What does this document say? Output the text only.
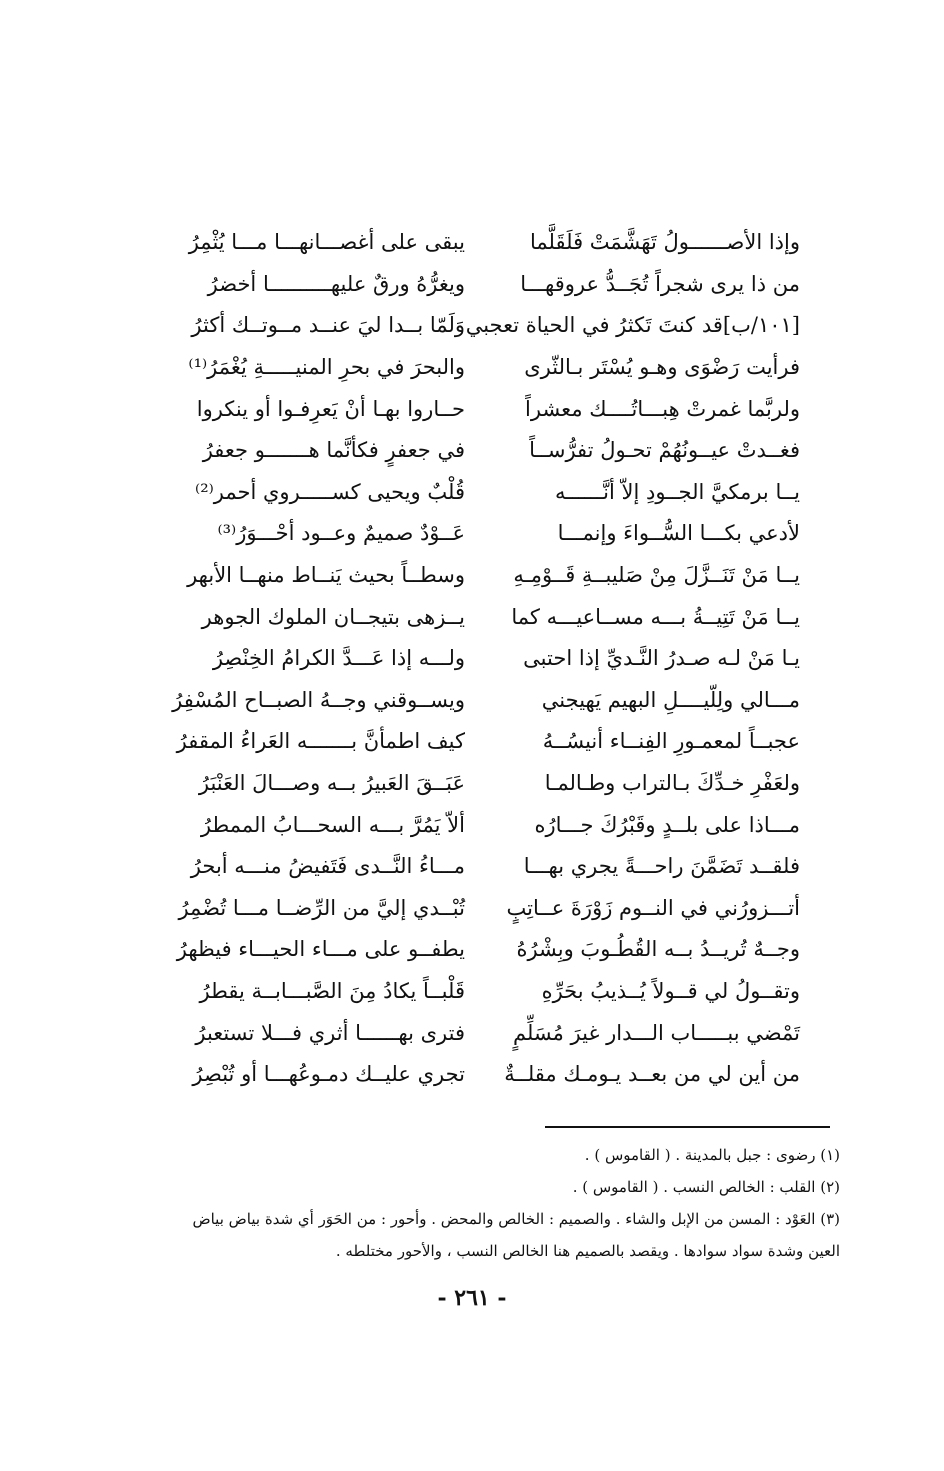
وإذا الأصــــــولُ تَهَشَّمَتْ فَلَقَلَّما
يبقى على أغصـــانهـــا مـــا يُثْمِرُ
من ذا يرى شجراً تُجَــدُّ عروقهـــا
ويغرُّهُ ورقٌ عليهــــــــــا أخضرُ
[١٠١/ب]قد كنتَ تَكثرُ في الحياة تعجبي
وَلَمّا بــدا ليَ عنــد مــوتــك أكثرُ
فرأيت رَضْوَى وهـو يُسْتَر بـالثّرى
والبحرَ في بحرِ المنيـــــةِ يُغْمَرُ⁽¹⁾
ولربَّما غمرتْ هِبـــاتُــــك معشراً
حــاروا بهـا أنْ يَعرِفـوا أو ينكروا
فغــدتْ عيــونُهُمْ تحـولُ تفرُّســاً
في جعفرٍ فكأنَّما هـــــــو جعفرُ
يــا برمكيَّ الجــودِ إلاّ أنَّــــــه
قُلْبٌ ويحيى كســـــروي أحمر⁽²⁾
لأدعي بكـــا السُّــواءَ وإنمـــا
عَــوْدٌ صميمٌ وعــود أحْـــوَرُ⁽³⁾
يــا مَنْ تَنَــزَّلَ مِنْ صَليبــةِ قَــوْمِـهِ
وسطــاً بحيث يَنــاط منهــا الأبهر
يــا مَنْ تَتِيــةُ بـــه مســاعيـــه كما
يــزهى بتيجــان الملوك الجوهر
يـا مَنْ لـه صـدرُ النَّـديِّ إذا احتبى
ولـــه إذا عَـــدَّ الكرامُ الخِنْصِرُ
مـــالي ولِلّيــــلِ البهيم يَهيجني
ويســوقني وجــهُ الصبــاح المُسْفِرُ
عجبــاً لمعمـورِ الفِنــاء أنيسُــهُ
كيف اطمأنَّ بـــــــه العَراءُ المقفرُ
ولعَفْرِ خـدِّكَ بـالتراب وطـالمـا
عَبَــقَ العَبيرُ بــه وصـــالَ العَنْبَرُ
مـــاذا على بلــدٍ وقَبْرُكَ جـــارُه
ألاّ يَمُرَّ بـــه السحـــابُ الممطرُ
فلقــد تَضَمَّنَ راحـــةً يجري بهـــا
مـــاءُ النَّــدى فَتَفيضُ منـــه أبحرُ
أتـــزورُني في النــوم زَوْرَةَ عــاتِبٍ
تُبْــدي إليَّ من الرِّضــا مـــا تُضْمِرُ
وجــهٌ تُريــدُ بــه القُطُـوبَ وبِشْرُهُ
يطفــو على مـــاء الحيـــاء فيظهرُ
وتقــولُ لي قــولاً يُــذيبُ بحَرِّهِ
قَلْبــاً يكادُ مِنَ الصَّبـــابــة يقطرُ
تَمْضي ببـــــاب الـــدار غيرَ مُسَلِّمٍ
فترى بهــــــا أثري فـــلا تستعبرُ
من أين لي من بعــد يـومـك مقلــةٌ
تجري عليــك دمـوعُهـــا أو تُبْصِرُ
(١) رضوى : جبل بالمدينة . ( القاموس ) .
(٢) القلب : الخالص النسب . ( القاموس ) .
(٣) العَوْد : المسن من الإبل والشاء . والصميم : الخالص والمحض . وأحور : من الحَوَر أي شدة بياض بياض
العين وشدة سواد سوادها . ويقصد بالصميم هنا الخالص النسب ، والأحور مختلطه .
- ٢٦١ -
